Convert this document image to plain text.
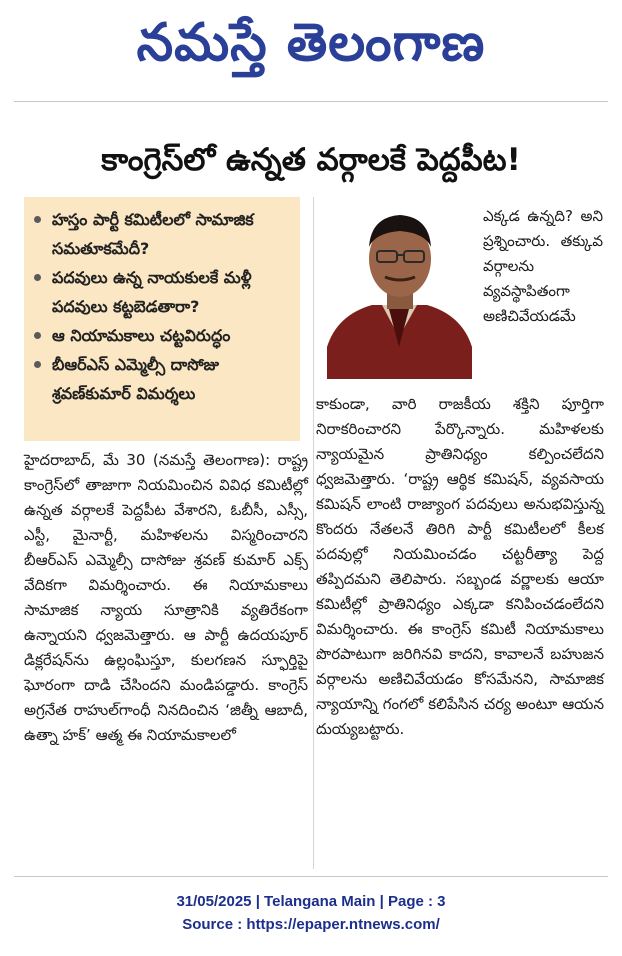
నమస్తే తెలంగాణ
కాంగ్రెస్‌లో ఉన్నత వర్గాలకే పెద్దపీట!
హస్తం పార్టీ కమిటీలలో సామాజిక సమతూకమేదీ?
పదవులు ఉన్న నాయకులకే మళ్లీ పదవులు కట్టబెడతారా?
ఆ నియామకాలు చట్టవిరుద్ధం
బీఆర్‌ఎస్ ఎమ్మెల్సీ దాసోజు శ్రవణ్‌కుమార్ విమర్శలు

హైదరాబాద్, మే 30 (నమస్తే తెలంగాణ): రాష్ట్ర కాంగ్రెస్‌లో తాజాగా నియమించిన వివిధ కమిటీల్లో ఉన్నత వర్గాలకే పెద్దపీట వేశారని, ఓబీసీ, ఎస్సీ, ఎస్టీ, మైనార్టీ, మహిళలను విస్మరించారని బీఆర్‌ఎస్ ఎమ్మెల్సీ దాసోజు శ్రవణ్ కుమార్ ఎక్స్ వేదికగా విమర్శించారు. ఈ నియామకాలు సామాజిక న్యాయ సూత్రానికి వ్యతిరేకంగా ఉన్నాయని ధ్వజమెత్తారు. ఆ పార్టీ ఉదయపూర్ డిక్లరేషన్‌ను ఉల్లంఘిస్తూ, కులగణన స్ఫూర్తిపై ఘోరంగా దాడి చేసిందని మండిపడ్డారు. కాంగ్రెస్ అగ్రనేత రాహుల్‌గాంధీ నినదించిన ‘జిత్నీ ఆబాదీ, ఉత్నా హక్’ ఆత్మ ఈ నియామకాలలో

ఎక్కడ ఉన్నది? అని ప్రశ్నించారు. తక్కువ వర్గాలను వ్యవస్థాపితంగా అణిచివేయడమే

కాకుండా, వారి రాజకీయ శక్తిని పూర్తిగా నిరాకరించారని పేర్కొన్నారు. మహిళలకు న్యాయమైన ప్రాతినిధ్యం కల్పించలేదని ధ్వజమెత్తారు. ‘రాష్ట్ర ఆర్థిక కమిషన్, వ్యవసాయ కమిషన్ లాంటి రాజ్యాంగ పదవులు అనుభవిస్తున్న కొందరు నేతలనే తిరిగి పార్టీ కమిటీలలో కీలక పదవుల్లో నియమించడం చట్టరీత్యా పెద్ద తప్పిదమని తెలిపారు. సబ్బండ వర్ణాలకు ఆయా కమిటీల్లో ప్రాతినిధ్యం ఎక్కడా కనిపించడంలేదని విమర్శించారు. ఈ కాంగ్రెస్ కమిటీ నియామకాలు పొరపాటుగా జరిగినవి కాదని, కావాలనే బహుజన వర్గాలను అణిచివేయడం కోసమేనని, సామాజిక న్యాయాన్ని గంగలో కలిపేసిన చర్య అంటూ ఆయన దుయ్యబట్టారు.

31/05/2025 | Telangana Main | Page : 3
Source : https://epaper.ntnews.com/
